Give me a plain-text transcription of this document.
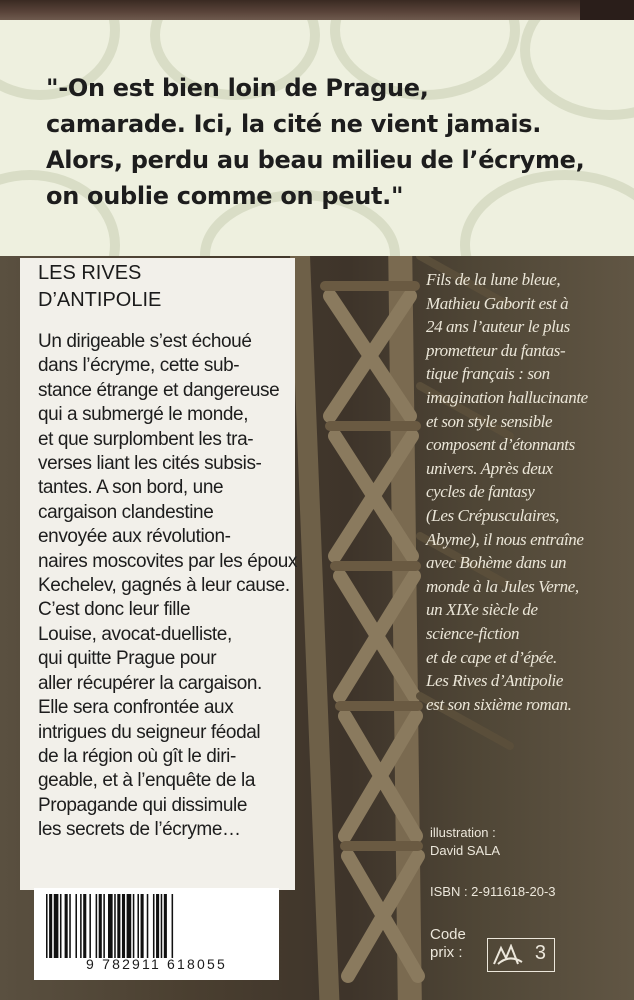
"-On est bien loin de Prague,
camarade. Ici, la cité ne vient jamais.
Alors, perdu au beau milieu de l’écryme,
on oublie comme on peut."

LES RIVES
D’ANTIPOLIE
Un dirigeable s’est échoué
dans l’écryme, cette sub-
stance étrange et dangereuse
qui a submergé le monde,
et que surplombent les tra-
verses liant les cités subsis-
tantes. A son bord, une
cargaison clandestine
envoyée aux révolution-
naires moscovites par les époux
Kechelev, gagnés à leur cause.
C’est donc leur fille
Louise, avocat-duelliste,
qui quitte Prague pour
aller récupérer la cargaison.
Elle sera confrontée aux
intrigues du seigneur féodal
de la région où gît le diri-
geable, et à l’enquête de la
Propagande qui dissimule
les secrets de l’écryme…
9 782911 618055
Fils de la lune bleue,
Mathieu Gaborit est à
24 ans l’auteur le plus
prometteur du fantas-
tique français : son
imagination hallucinante
et son style sensible
composent d’étonnants
univers. Après deux
cycles de fantasy
(Les Crépusculaires,
Abyme), il nous entraîne
avec Bohème dans un
monde à la Jules Verne,
un XIXe siècle de
science-fiction
et de cape et d’épée.
Les Rives d’Antipolie
est son sixième roman.
illustration :
David SALA
ISBN : 2-911618-20-3
Code
prix :	3
